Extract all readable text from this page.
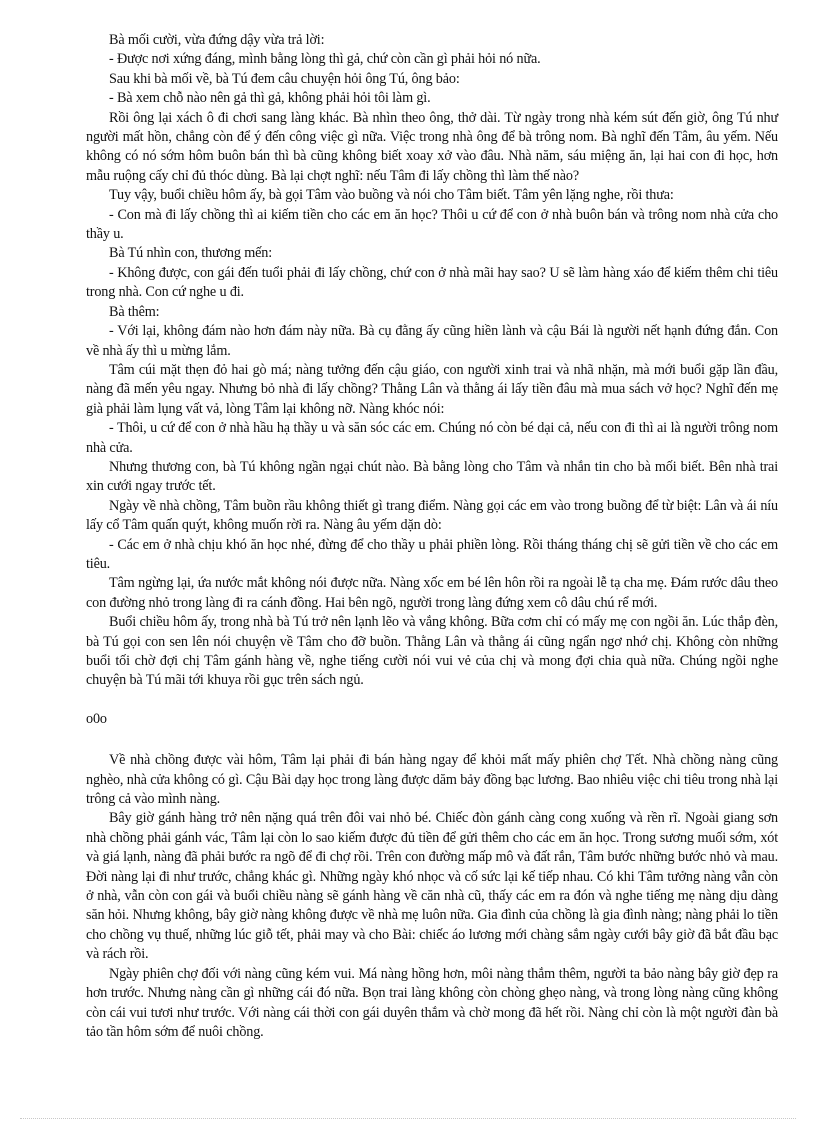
Bà mối cười, vừa đứng dậy vừa trả lời:

- Được nơi xứng đáng, mình bằng lòng thì gả, chứ còn cần gì phải hỏi nó nữa.

Sau khi bà mối về, bà Tú đem câu chuyện hỏi ông Tú, ông bảo:

- Bà xem chỗ nào nên gả thì gả, không phải hỏi tôi làm gì.

Rồi ông lại xách ô đi chơi sang làng khác. Bà nhìn theo ông, thở dài. Từ ngày trong nhà kém sút đến giờ, ông Tú như người mất hồn, chẳng còn để ý đến công việc gì nữa. Việc trong nhà ông để bà trông nom. Bà nghĩ đến Tâm, âu yếm. Nếu không có nó sớm hôm buôn bán thì bà cũng không biết xoay xở vào đâu. Nhà năm, sáu miệng ăn, lại hai con đi học, hơn mẫu ruộng cấy chỉ đủ thóc dùng. Bà lại chợt nghĩ: nếu Tâm đi lấy chồng thì làm thế nào?

Tuy vậy, buổi chiều hôm ấy, bà gọi Tâm vào buồng và nói cho Tâm biết. Tâm yên lặng nghe, rồi thưa:

- Con mà đi lấy chồng thì ai kiếm tiền cho các em ăn học? Thôi u cứ để con ở nhà buôn bán và trông nom nhà cửa cho thầy u.

Bà Tú nhìn con, thương mến:

- Không được, con gái đến tuổi phải đi lấy chồng, chứ con ở nhà mãi hay sao? U sẽ làm hàng xáo để kiếm thêm chi tiêu trong nhà. Con cứ nghe u đi.

Bà thêm:

- Với lại, không đám nào hơn đám này nữa. Bà cụ đằng ấy cũng hiền lành và cậu Bái là người nết hạnh đứng đắn. Con về nhà ấy thì u mừng lắm.

Tâm cúi mặt thẹn đỏ hai gò má; nàng tưởng đến cậu giáo, con người xinh trai và nhã nhặn, mà mới buổi gặp lần đầu, nàng đã mến yêu ngay. Nhưng bỏ nhà đi lấy chồng? Thằng Lân và thằng ái lấy tiền đâu mà mua sách vở học? Nghĩ đến mẹ già phải làm lụng vất vả, lòng Tâm lại không nỡ. Nàng khóc nói:

- Thôi, u cứ để con ở nhà hầu hạ thầy u và săn sóc các em. Chúng nó còn bé dại cả, nếu con đi thì ai là người trông nom nhà cửa.

Nhưng thương con, bà Tú không ngần ngại chút nào. Bà bằng lòng cho Tâm và nhắn tin cho bà mối biết. Bên nhà trai xin cưới ngay trước tết.

Ngày về nhà chồng, Tâm buồn rầu không thiết gì trang điểm. Nàng gọi các em vào trong buồng để từ biệt: Lân và ái níu lấy cổ Tâm quấn quýt, không muốn rời ra. Nàng âu yếm dặn dò:

- Các em ở nhà chịu khó ăn học nhé, đừng để cho thầy u phải phiền lòng. Rồi tháng tháng chị sẽ gửi tiền về cho các em tiêu.

Tâm ngừng lại, ứa nước mắt không nói được nữa. Nàng xốc em bé lên hôn rồi ra ngoài lễ tạ cha mẹ. Đám rước dâu theo con đường nhỏ trong làng đi ra cánh đồng. Hai bên ngõ, người trong làng đứng xem cô dâu chú rể mới.

Buổi chiều hôm ấy, trong nhà bà Tú trở nên lạnh lẽo và vắng không. Bữa cơm chỉ có mấy mẹ con ngồi ăn. Lúc thắp đèn, bà Tú gọi con sen lên nói chuyện về Tâm cho đỡ buồn. Thằng Lân và thằng ái cũng ngẩn ngơ nhớ chị. Không còn những buổi tối chờ đợi chị Tâm gánh hàng về, nghe tiếng cười nói vui vẻ của chị và mong đợi chia quà nữa. Chúng ngồi nghe chuyện bà Tú mãi tới khuya rồi gục trên sách ngủ.

o0o

Về nhà chồng được vài hôm, Tâm lại phải đi bán hàng ngay để khỏi mất mấy phiên chợ Tết. Nhà chồng nàng cũng nghèo, nhà cửa không có gì. Cậu Bài dạy học trong làng được dăm bảy đồng bạc lương. Bao nhiêu việc chi tiêu trong nhà lại trông cả vào mình nàng.

Bây giờ gánh hàng trở nên nặng quá trên đôi vai nhỏ bé. Chiếc đòn gánh càng cong xuống và rền rĩ. Ngoài giang sơn nhà chồng phải gánh vác, Tâm lại còn lo sao kiếm được đủ tiền để gửi thêm cho các em ăn học. Trong sương muối sớm, xót và giá lạnh, nàng đã phải bước ra ngõ để đi chợ rồi. Trên con đường mấp mô và đất rắn, Tâm bước những bước nhỏ và mau. Đời nàng lại đi như trước, chẳng khác gì. Những ngày khó nhọc và cố sức lại kế tiếp nhau. Có khi Tâm tưởng nàng vẫn còn ở nhà, vẫn còn con gái và buổi chiều nàng sẽ gánh hàng về căn nhà cũ, thấy các em ra đón và nghe tiếng mẹ nàng dịu dàng săn hỏi. Nhưng không, bây giờ nàng không được về nhà mẹ luôn nữa. Gia đình của chồng là gia đình nàng; nàng phải lo tiền cho chồng vụ thuế, những lúc giỗ tết, phải may và cho Bài: chiếc áo lương mới chàng sắm ngày cưới bây giờ đã bắt đầu bạc và rách rồi.

Ngày phiên chợ đối với nàng cũng kém vui. Má nàng hồng hơn, môi nàng thắm thêm, người ta bảo nàng bây giờ đẹp ra hơn trước. Nhưng nàng cần gì những cái đó nữa. Bọn trai làng không còn chòng ghẹo nàng, và trong lòng nàng cũng không còn cái vui tươi như trước. Với nàng cái thời con gái duyên thắm và chờ mong đã hết rồi. Nàng chỉ còn là một người đàn bà tảo tần hôm sớm để nuôi chồng.
